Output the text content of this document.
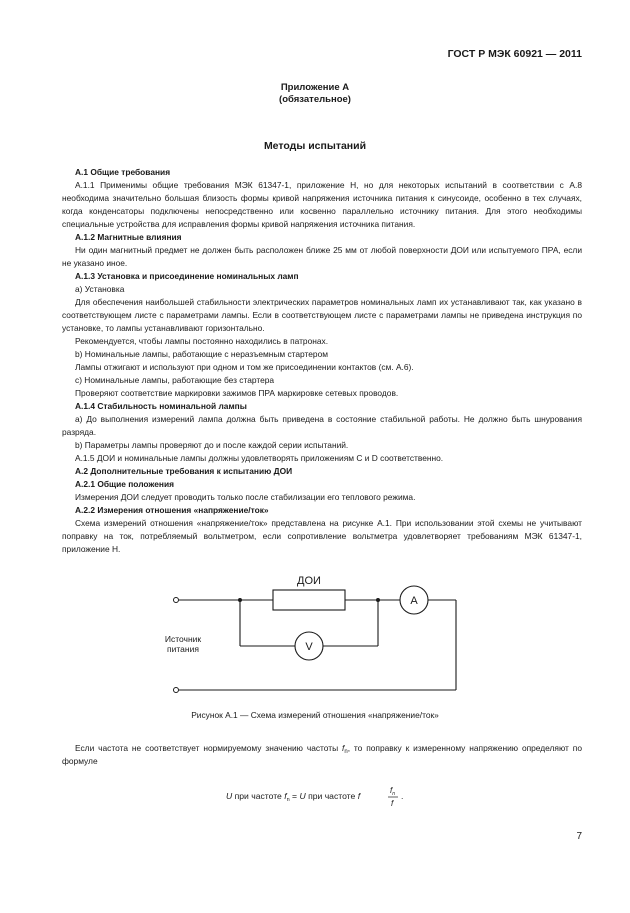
ГОСТ Р МЭК 60921 — 2011
Приложение А
(обязательное)
Методы испытаний

А.1 Общие требования

А.1.1 Применимы общие требования МЭК 61347-1, приложение Н, но для некоторых испытаний в соответствии с А.8 необходима значительно большая близость формы кривой напряжения источника питания к синусоиде, особенно в тех случаях, когда конденсаторы подключены непосредственно или косвенно параллельно источнику питания. Для этого необходимы специальные устройства для исправления формы кривой напряжения источника питания.

А.1.2 Магнитные влияния

Ни один магнитный предмет не должен быть расположен ближе 25 мм от любой поверхности ДОИ или испытуемого ПРА, если не указано иное.

А.1.3 Установка и присоединение номинальных ламп

а) Установка

Для обеспечения наибольшей стабильности электрических параметров номинальных ламп их устанавливают так, как указано в соответствующем листе с параметрами лампы. Если в соответствующем листе с параметрами лампы не приведена инструкция по установке, то лампы устанавливают горизонтально.

Рекомендуется, чтобы лампы постоянно находились в патронах.

b) Номинальные лампы, работающие с неразъемным стартером

Лампы отжигают и используют при одном и том же присоединении контактов (см. А.6).

c) Номинальные лампы, работающие без стартера

Проверяют соответствие маркировки зажимов ПРА маркировке сетевых проводов.

А.1.4 Стабильность номинальной лампы

а) До выполнения измерений лампа должна быть приведена в состояние стабильной работы. Не должно быть шнурования разряда.

b) Параметры лампы проверяют до и после каждой серии испытаний.

А.1.5 ДОИ и номинальные лампы должны удовлетворять приложениям С и D соответственно.

А.2 Дополнительные требования к испытанию ДОИ

А.2.1 Общие положения

Измерения ДОИ следует проводить только после стабилизации его теплового режима.

А.2.2 Измерения отношения «напряжение/ток»

Схема измерений отношения «напряжение/ток» представлена на рисунке А.1. При использовании этой схемы не учитывают поправку на ток, потребляемый вольтметром, если сопротивление вольтметра удовлетворяет требованиям МЭК 61347-1, приложение Н.

ДОИ
А
V
Источник
питания
Рисунок А.1 — Схема измерений отношения «напряжение/ток»

Если частота не соответствует нормируемому значению частоты $f_n$, то поправку к измеренному напряжению определяют по формуле

U при частоте $f_n = U$ при частоте f
$f_n$
f
.
7
